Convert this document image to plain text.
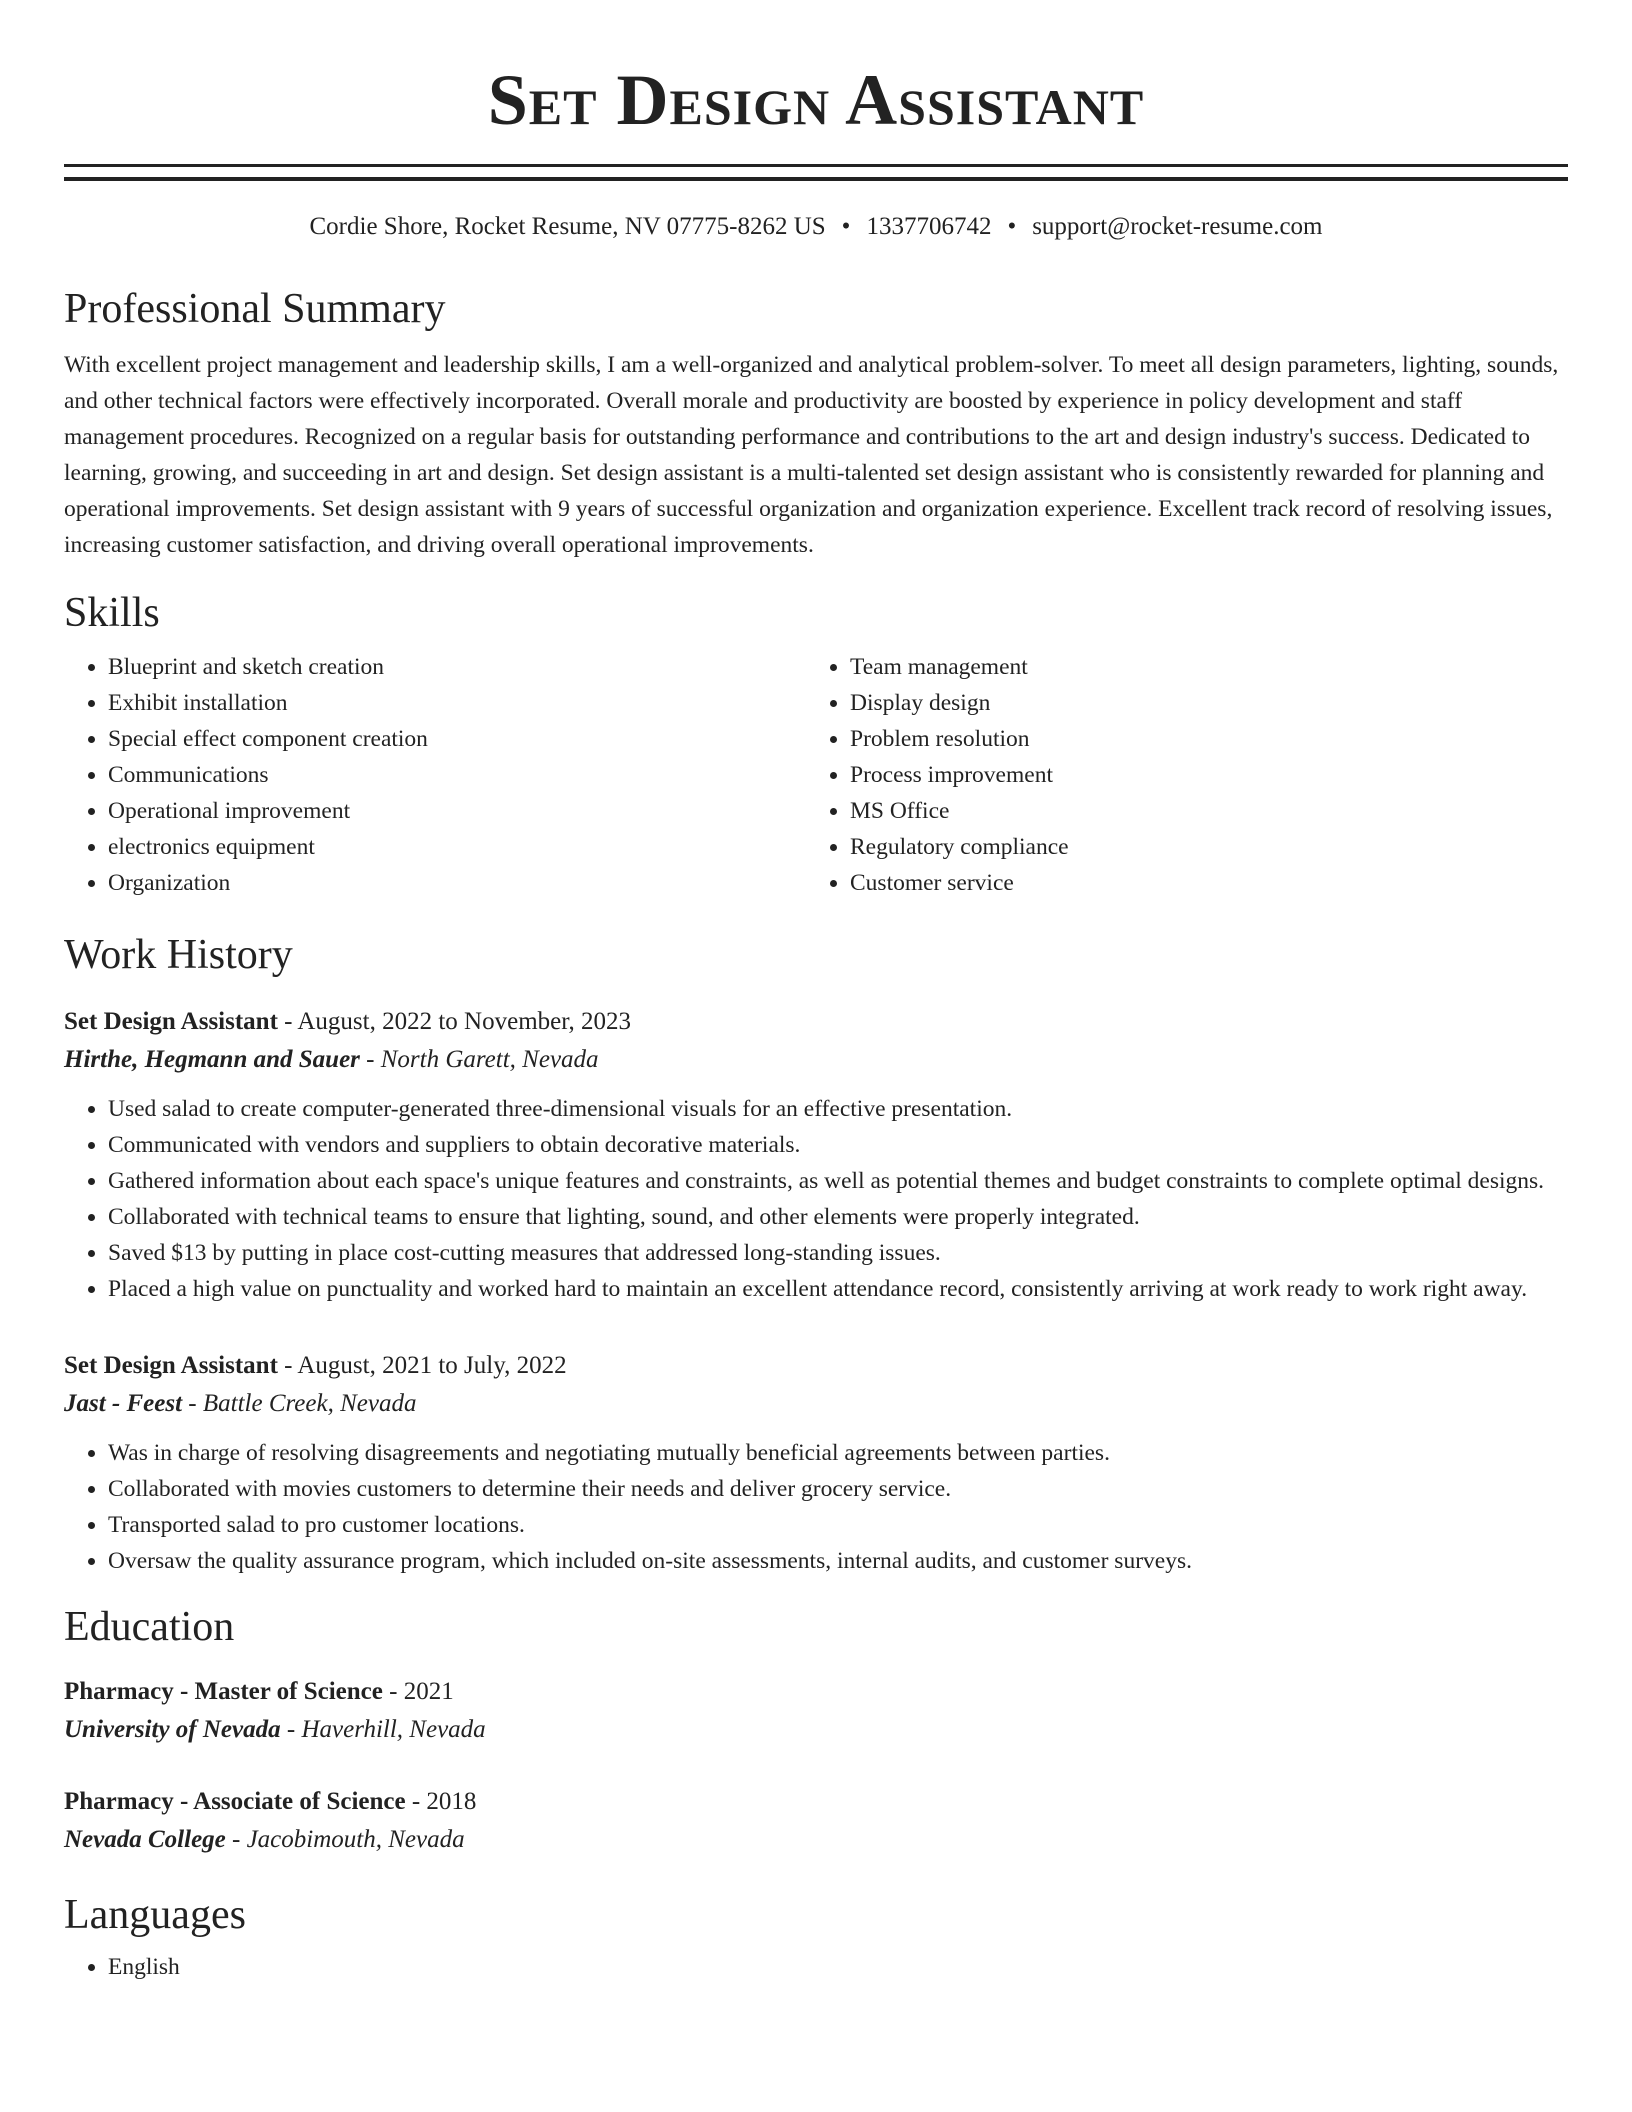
Set Design Assistant
Cordie Shore, Rocket Resume, NV 07775-8262 US • 1337706742 • support@rocket-resume.com
Professional Summary

With excellent project management and leadership skills, I am a well-organized and analytical problem-solver. To meet all design parameters, lighting, sounds, and other technical factors were effectively incorporated. Overall morale and productivity are boosted by experience in policy development and staff management procedures. Recognized on a regular basis for outstanding performance and contributions to the art and design industry's success. Dedicated to learning, growing, and succeeding in art and design. Set design assistant is a multi-talented set design assistant who is consistently rewarded for planning and operational improvements. Set design assistant with 9 years of successful organization and organization experience. Excellent track record of resolving issues, increasing customer satisfaction, and driving overall operational improvements.

Skills
• Blueprint and sketch creation
• Exhibit installation
• Special effect component creation
• Communications
• Operational improvement
• electronics equipment
• Organization
• Team management
• Display design
• Problem resolution
• Process improvement
• MS Office
• Regulatory compliance
• Customer service
Work History
Set Design Assistant - August, 2022 to November, 2023
Hirthe, Hegmann and Sauer - North Garett, Nevada
• Used salad to create computer-generated three-dimensional visuals for an effective presentation.
• Communicated with vendors and suppliers to obtain decorative materials.
• Gathered information about each space's unique features and constraints, as well as potential themes and budget constraints to complete optimal designs.
• Collaborated with technical teams to ensure that lighting, sound, and other elements were properly integrated.
• Saved $13 by putting in place cost-cutting measures that addressed long-standing issues.
• Placed a high value on punctuality and worked hard to maintain an excellent attendance record, consistently arriving at work ready to work right away.
Set Design Assistant - August, 2021 to July, 2022
Jast - Feest - Battle Creek, Nevada
• Was in charge of resolving disagreements and negotiating mutually beneficial agreements between parties.
• Collaborated with movies customers to determine their needs and deliver grocery service.
• Transported salad to pro customer locations.
• Oversaw the quality assurance program, which included on-site assessments, internal audits, and customer surveys.
Education
Pharmacy - Master of Science - 2021
University of Nevada - Haverhill, Nevada
Pharmacy - Associate of Science - 2018
Nevada College - Jacobimouth, Nevada
Languages
• English
